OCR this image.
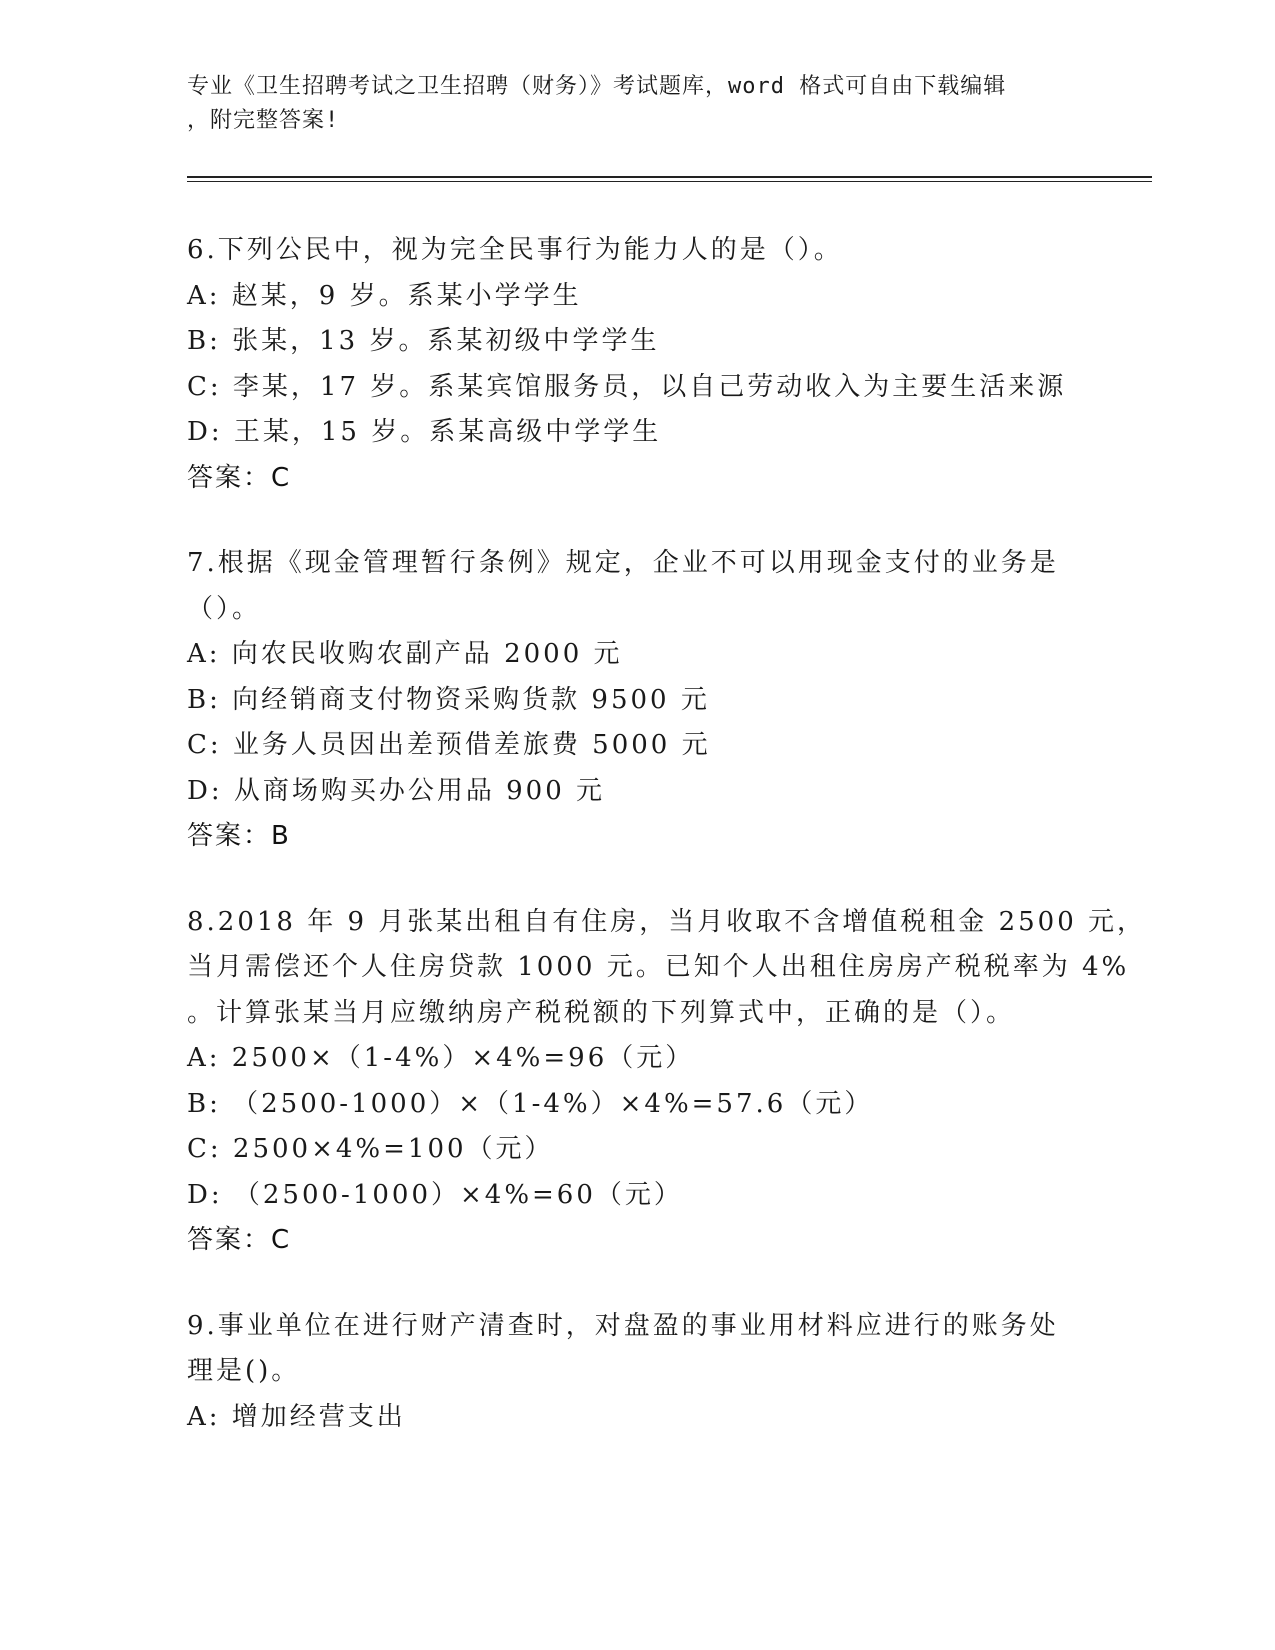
专业《卫生招聘考试之卫生招聘（财务）》考试题库，word 格式可自由下载编辑
，附完整答案!
6.下列公民中，视为完全民事行为能力人的是（）。
A: 赵某，9 岁。系某小学学生
B: 张某，13 岁。系某初级中学学生
C: 李某，17 岁。系某宾馆服务员，以自己劳动收入为主要生活来源
D: 王某，15 岁。系某高级中学学生
答案：C
7.根据《现金管理暂行条例》规定，企业不可以用现金支付的业务是
（）。
A: 向农民收购农副产品 2000 元
B: 向经销商支付物资采购货款 9500 元
C: 业务人员因出差预借差旅费 5000 元
D: 从商场购买办公用品 900 元
答案：B
8.2018 年 9 月张某出租自有住房，当月收取不含增值税租金 2500 元，
当月需偿还个人住房贷款 1000 元。已知个人出租住房房产税税率为 4%
。计算张某当月应缴纳房产税税额的下列算式中，正确的是（）。
A: 2500×（1-4%）×4%=96（元）
B: （2500-1000）×（1-4%）×4%=57.6（元）
C: 2500×4%=100（元）
D: （2500-1000）×4%=60（元）
答案：C
9.事业单位在进行财产清查时，对盘盈的事业用材料应进行的账务处
理是()。
A: 增加经营支出
